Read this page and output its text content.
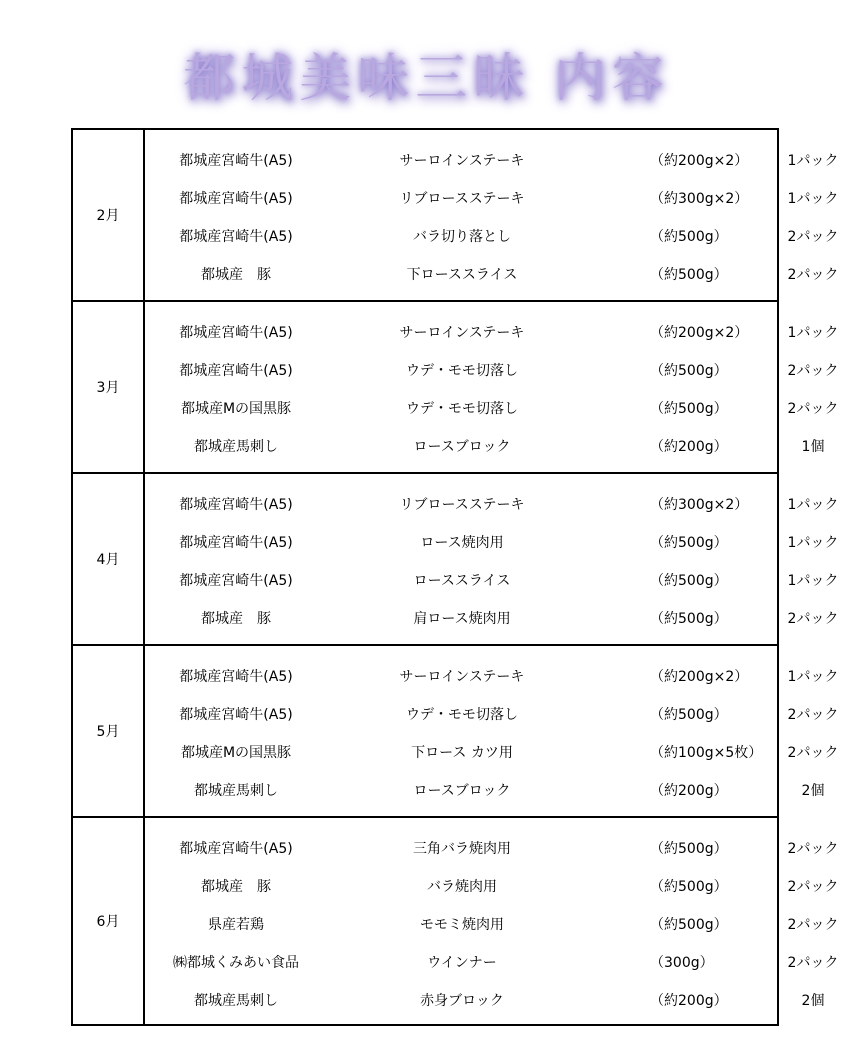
都城美味三昧 内容
2月
都城産宮崎牛(A5)	サーロインステーキ	（約200g×2）	1パック
都城産宮崎牛(A5)	リブロースステーキ	（約300g×2）	1パック
都城産宮崎牛(A5)	バラ切り落とし	（約500g）	2パック
都城産　豚	下ローススライス	（約500g）	2パック
3月
都城産宮崎牛(A5)	サーロインステーキ	（約200g×2）	1パック
都城産宮崎牛(A5)	ウデ・モモ切落し	（約500g）	2パック
都城産Mの国黒豚	ウデ・モモ切落し	（約500g）	2パック
都城産馬刺し	ロースブロック	（約200g）	1個
4月
都城産宮崎牛(A5)	リブロースステーキ	（約300g×2）	1パック
都城産宮崎牛(A5)	ロース焼肉用	（約500g）	1パック
都城産宮崎牛(A5)	ローススライス	（約500g）	1パック
都城産　豚	肩ロース焼肉用	（約500g）	2パック
5月
都城産宮崎牛(A5)	サーロインステーキ	（約200g×2）	1パック
都城産宮崎牛(A5)	ウデ・モモ切落し	（約500g）	2パック
都城産Mの国黒豚	下ロース カツ用	（約100g×5枚）	2パック
都城産馬刺し	ロースブロック	（約200g）	2個
6月
都城産宮崎牛(A5)	三角バラ焼肉用	（約500g）	2パック
都城産　豚	バラ焼肉用	（約500g）	2パック
県産若鶏	モモミ焼肉用	（約500g）	2パック
㈱都城くみあい食品	ウインナー	（300g）	2パック
都城産馬刺し	赤身ブロック	（約200g）	2個
